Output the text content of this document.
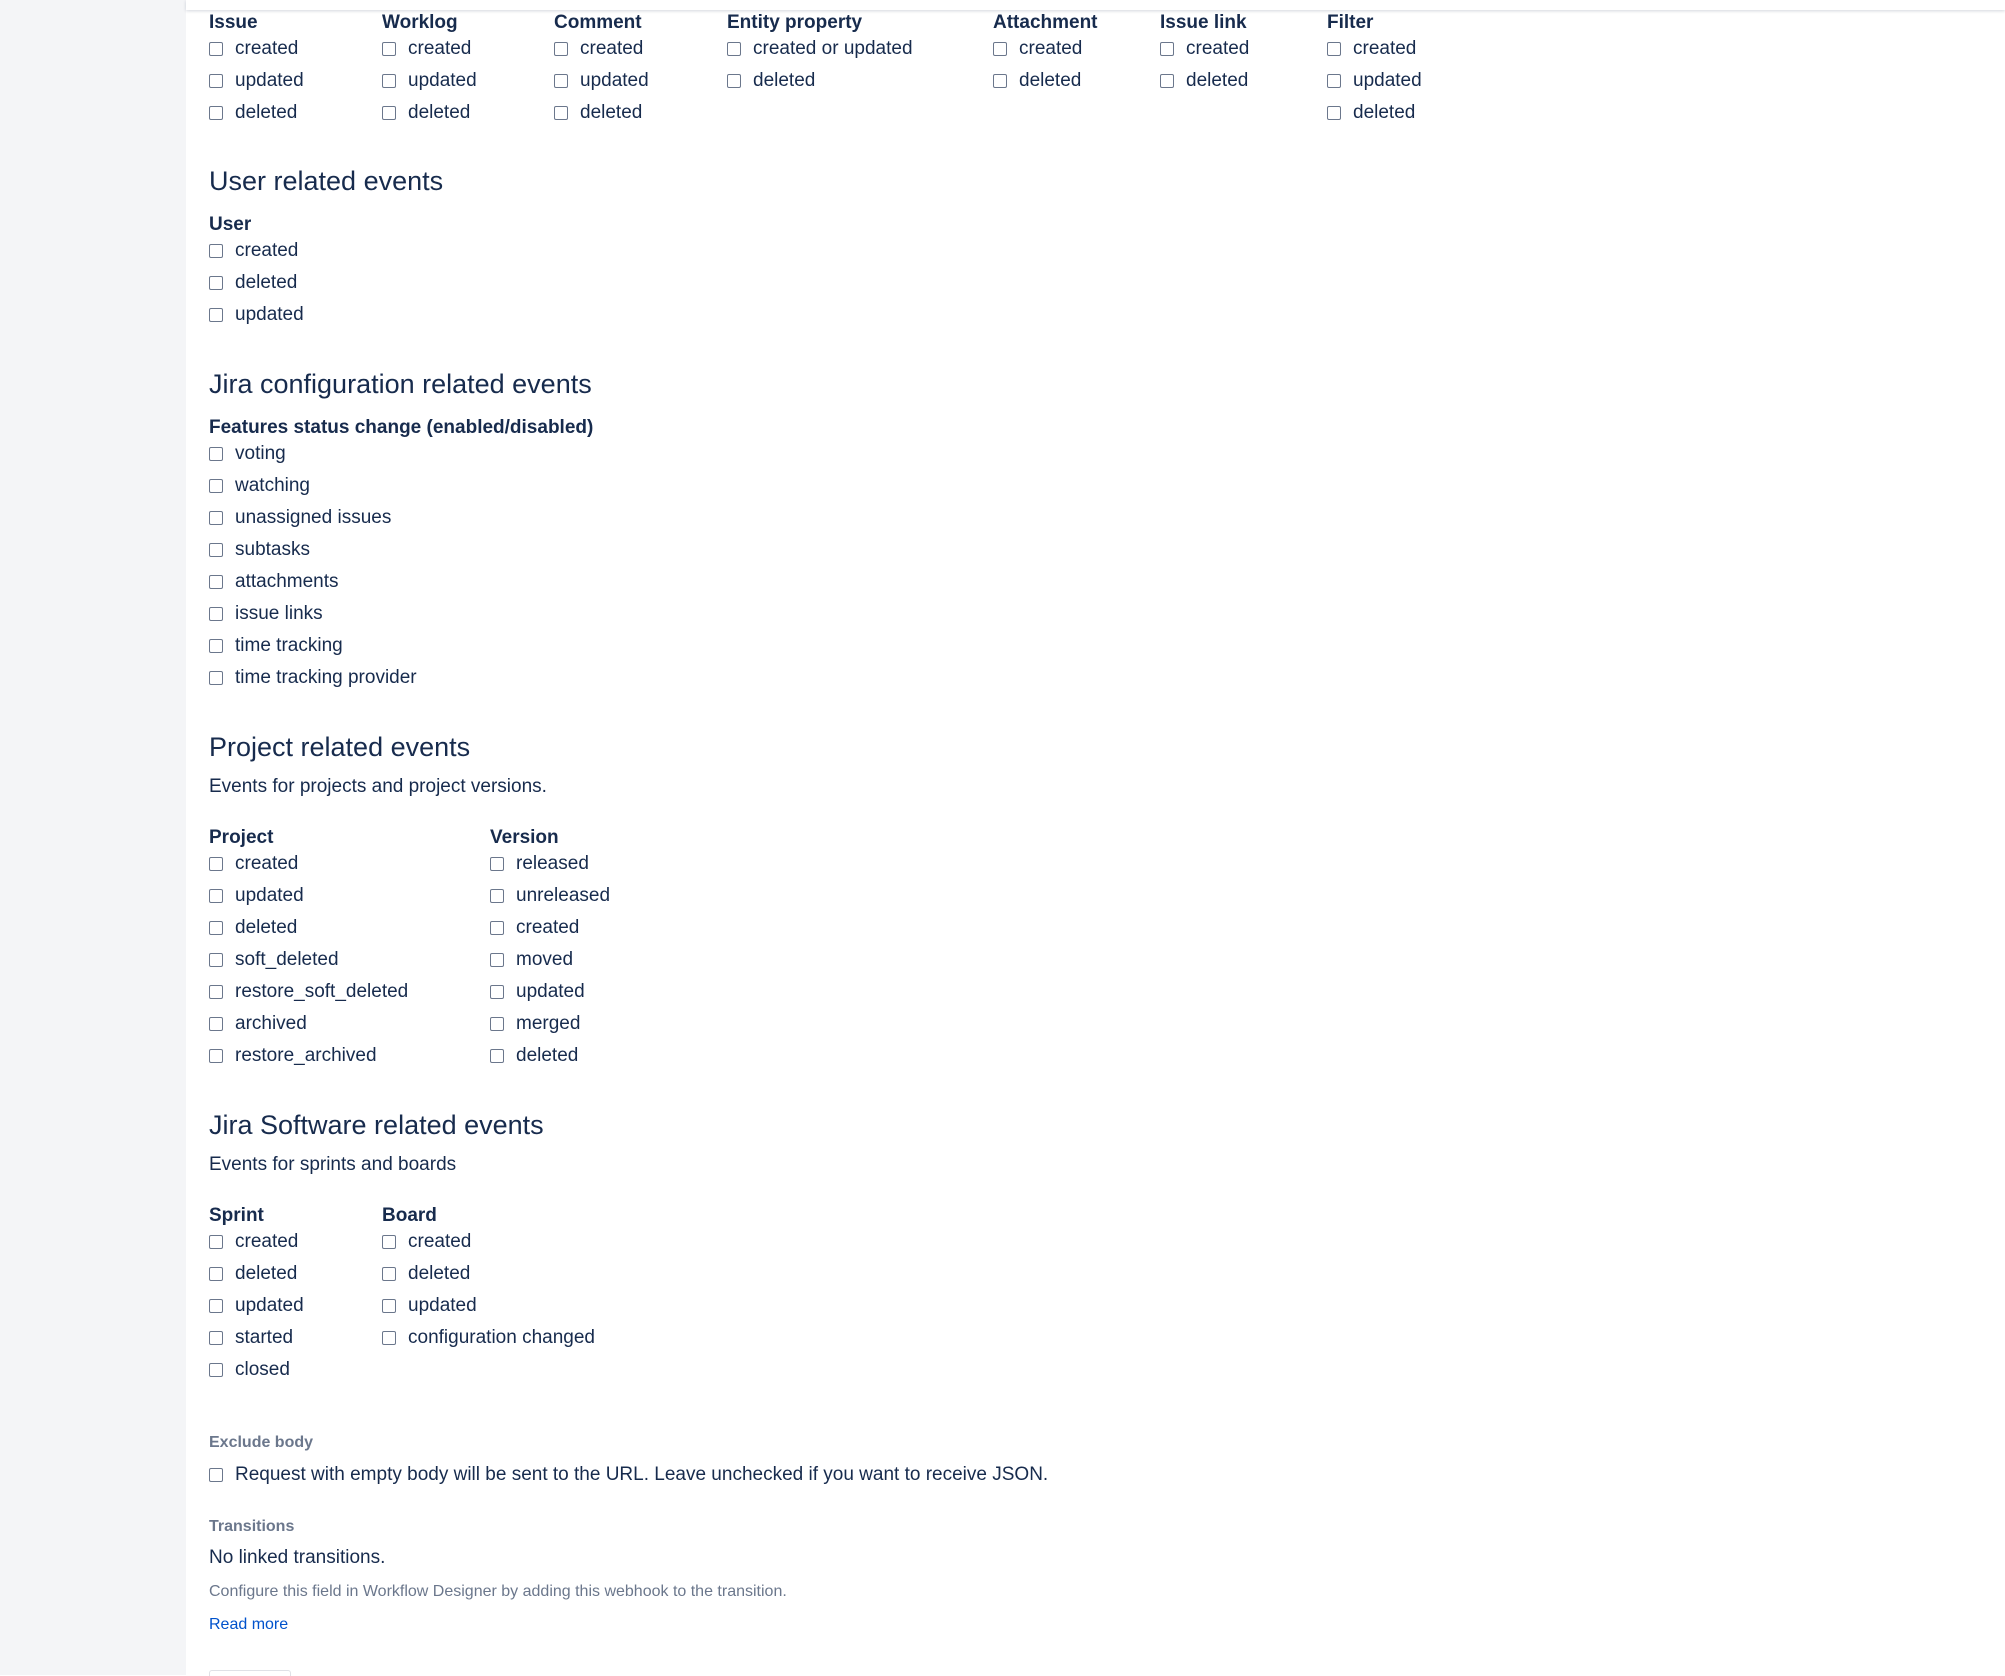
Issue
created
updated
deleted
Worklog
created
updated
deleted
Comment
created
updated
deleted
Entity property
created or updated
deleted
Attachment
created
deleted
Issue link
created
deleted
Filter
created
updated
deleted
User related events
User
created
deleted
updated
Jira configuration related events
Features status change (enabled/disabled)
voting
watching
unassigned issues
subtasks
attachments
issue links
time tracking
time tracking provider
Project related events
Events for projects and project versions.
Project
created
updated
deleted
soft_deleted
restore_soft_deleted
archived
restore_archived
Version
released
unreleased
created
moved
updated
merged
deleted
Jira Software related events
Events for sprints and boards
Sprint
created
deleted
updated
started
closed
Board
created
deleted
updated
configuration changed
Exclude body
Request with empty body will be sent to the URL. Leave unchecked if you want to receive JSON.
Transitions
No linked transitions.
Configure this field in Workflow Designer by adding this webhook to the transition.
Read more
